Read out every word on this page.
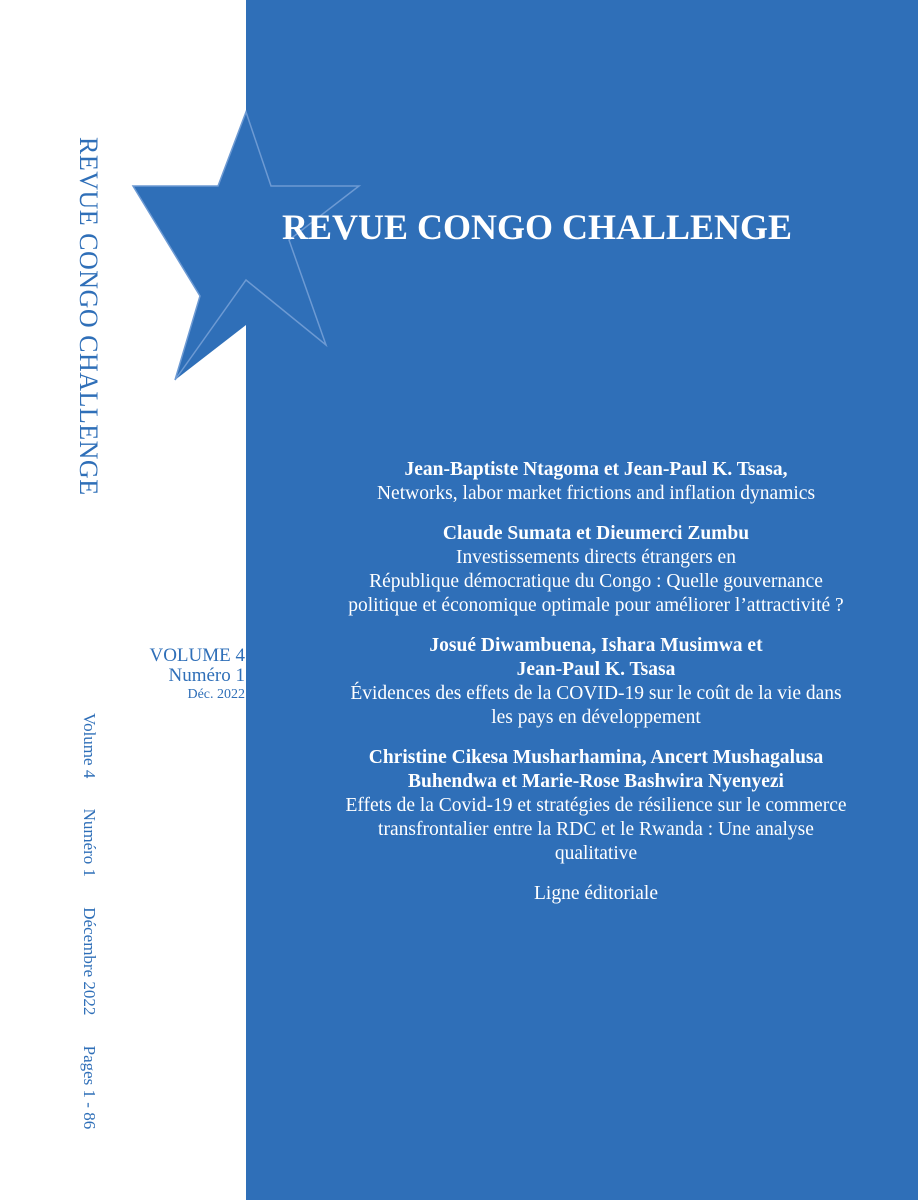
REVUE CONGO CHALLENGE
Volume 4 Numéro 1 Décembre 2022 Pages 1 - 86
VOLUME 4
Numéro 1
Déc. 2022
REVUE CONGO CHALLENGE
Jean-Baptiste Ntagoma et Jean-Paul K. Tsasa,
Networks, labor market frictions and inflation dynamics
Claude Sumata et Dieumerci Zumbu
Investissements directs étrangers en
République démocratique du Congo : Quelle gouvernance
politique et économique optimale pour améliorer l’attractivité ?
Josué Diwambuena, Ishara Musimwa et
Jean-Paul K. Tsasa
Évidences des effets de la COVID-19 sur le coût de la vie dans
les pays en développement
Christine Cikesa Musharhamina, Ancert Mushagalusa
Buhendwa et Marie-Rose Bashwira Nyenyezi
Effets de la Covid-19 et stratégies de résilience sur le commerce
transfrontalier entre la RDC et le Rwanda : Une analyse
qualitative
Ligne éditoriale
